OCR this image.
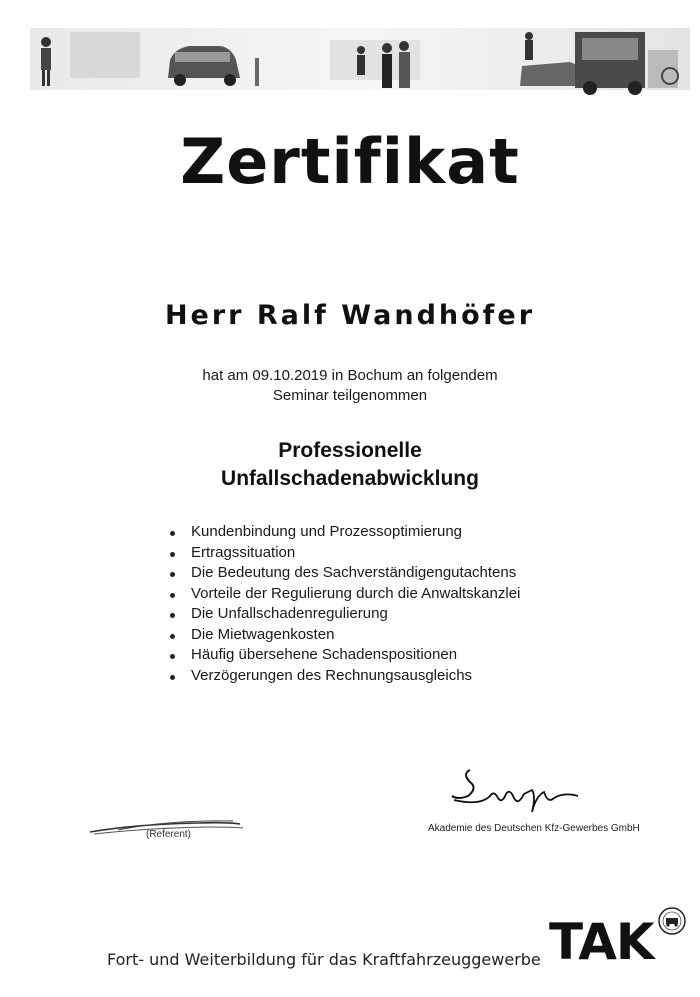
Zertifikat
Herr Ralf Wandhöfer
hat am 09.10.2019 in Bochum an folgendem
Seminar teilgenommen
Professionelle
Unfallschadenabwicklung
Kundenbindung und Prozessoptimierung
Ertragssituation
Die Bedeutung des Sachverständigengutachtens
Vorteile der Regulierung durch die Anwaltskanzlei
Die Unfallschadenregulierung
Die Mietwagenkosten
Häufig übersehene Schadenspositionen
Verzögerungen des Rechnungsausgleichs
(Referent)
Akademie des Deutschen Kfz-Gewerbes GmbH
Fort- und Weiterbildung für das Kraftfahrzeuggewerbe TAK
